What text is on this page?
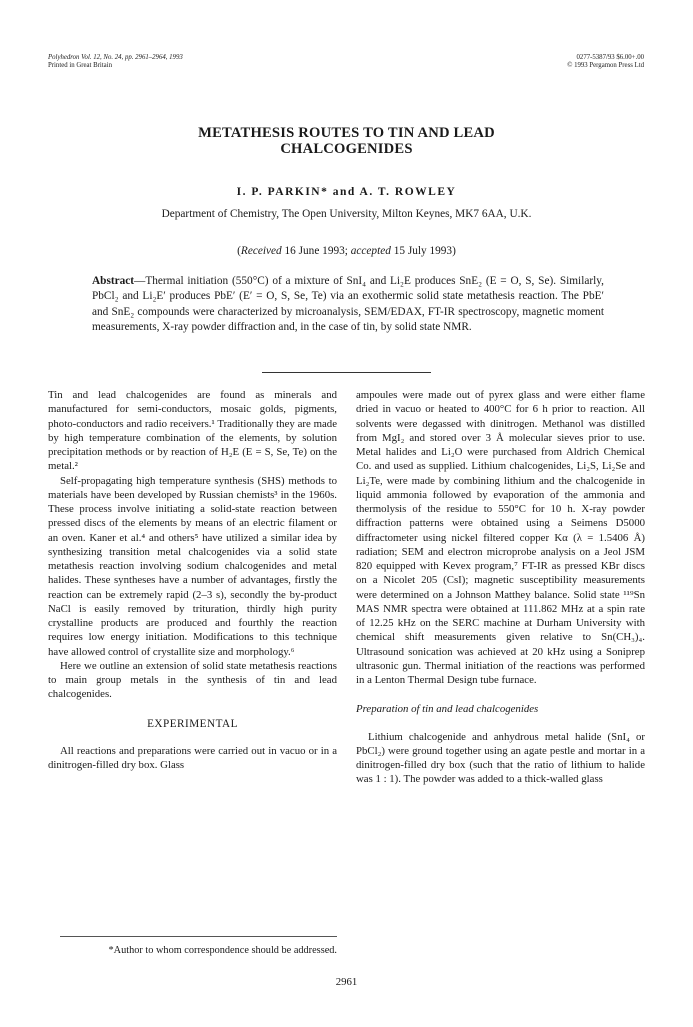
Polyhedron Vol. 12, No. 24, pp. 2961–2964, 1993
Printed in Great Britain
0277-5387/93 $6.00+.00
© 1993 Pergamon Press Ltd
METATHESIS ROUTES TO TIN AND LEAD
CHALCOGENIDES
I. P. PARKIN* and A. T. ROWLEY
Department of Chemistry, The Open University, Milton Keynes, MK7 6AA, U.K.
(Received 16 June 1993; accepted 15 July 1993)
Abstract—Thermal initiation (550°C) of a mixture of SnI₄ and Li₂E produces SnE₂ (E = O, S, Se). Similarly, PbCl₂ and Li₂E′ produces PbE′ (E′ = O, S, Se, Te) via an exothermic solid state metathesis reaction. The PbE′ and SnE₂ compounds were characterized by microanalysis, SEM/EDAX, FT-IR spectroscopy, magnetic moment measurements, X-ray powder diffraction and, in the case of tin, by solid state NMR.

Tin and lead chalcogenides are found as minerals and manufactured for semi-conductors, mosaic golds, pigments, photo-conductors and radio receivers.¹ Traditionally they are made by high temperature combination of the elements, by solution precipitation methods or by reaction of H₂E (E = S, Se, Te) on the metal.²

Self-propagating high temperature synthesis (SHS) methods to materials have been developed by Russian chemists³ in the 1960s. These process involve initiating a solid-state reaction between pressed discs of the elements by means of an electric filament or an oven. Kaner et al.⁴ and others⁵ have utilized a similar idea by synthesizing transition metal chalcogenides via a solid state metathesis reaction involving sodium chalcogenides and metal halides. These syntheses have a number of advantages, firstly the reaction can be extremely rapid (2–3 s), secondly the by-product NaCl is easily removed by trituration, thirdly high purity crystalline products are produced and fourthly the reaction requires low energy initiation. Modifications to this technique have allowed control of crystallite size and morphology.⁶

Here we outline an extension of solid state metathesis reactions to main group metals in the synthesis of tin and lead chalcogenides.

EXPERIMENTAL

All reactions and preparations were carried out in vacuo or in a dinitrogen-filled dry box. Glass

ampoules were made out of pyrex glass and were either flame dried in vacuo or heated to 400°C for 6 h prior to reaction. All solvents were degassed with dinitrogen. Methanol was distilled from MgI₂ and stored over 3 Å molecular sieves prior to use. Metal halides and Li₂O were purchased from Aldrich Chemical Co. and used as supplied. Lithium chalcogenides, Li₂S, Li₂Se and Li₂Te, were made by combining lithium and the chalcogenide in liquid ammonia followed by evaporation of the ammonia and thermolysis of the residue to 550°C for 10 h. X-ray powder diffraction patterns were obtained using a Seimens D5000 diffractometer using nickel filtered copper Kα (λ = 1.5406 Å) radiation; SEM and electron microprobe analysis on a Jeol JSM 820 equipped with Kevex program,⁷ FT-IR as pressed KBr discs on a Nicolet 205 (CsI); magnetic susceptibility measurements were determined on a Johnson Matthey balance. Solid state ¹¹⁹Sn MAS NMR spectra were obtained at 111.862 MHz at a spin rate of 12.25 kHz on the SERC machine at Durham University with chemical shift measurements given relative to Sn(CH₃)₄. Ultrasound sonication was achieved at 20 kHz using a Soniprep ultrasonic gun. Thermal initiation of the reactions was performed in a Lenton Thermal Design tube furnace.

Preparation of tin and lead chalcogenides

Lithium chalcogenide and anhydrous metal halide (SnI₄ or PbCl₂) were ground together using an agate pestle and mortar in a dinitrogen-filled dry box (such that the ratio of lithium to halide was 1 : 1). The powder was added to a thick-walled glass

*Author to whom correspondence should be addressed.
2961
